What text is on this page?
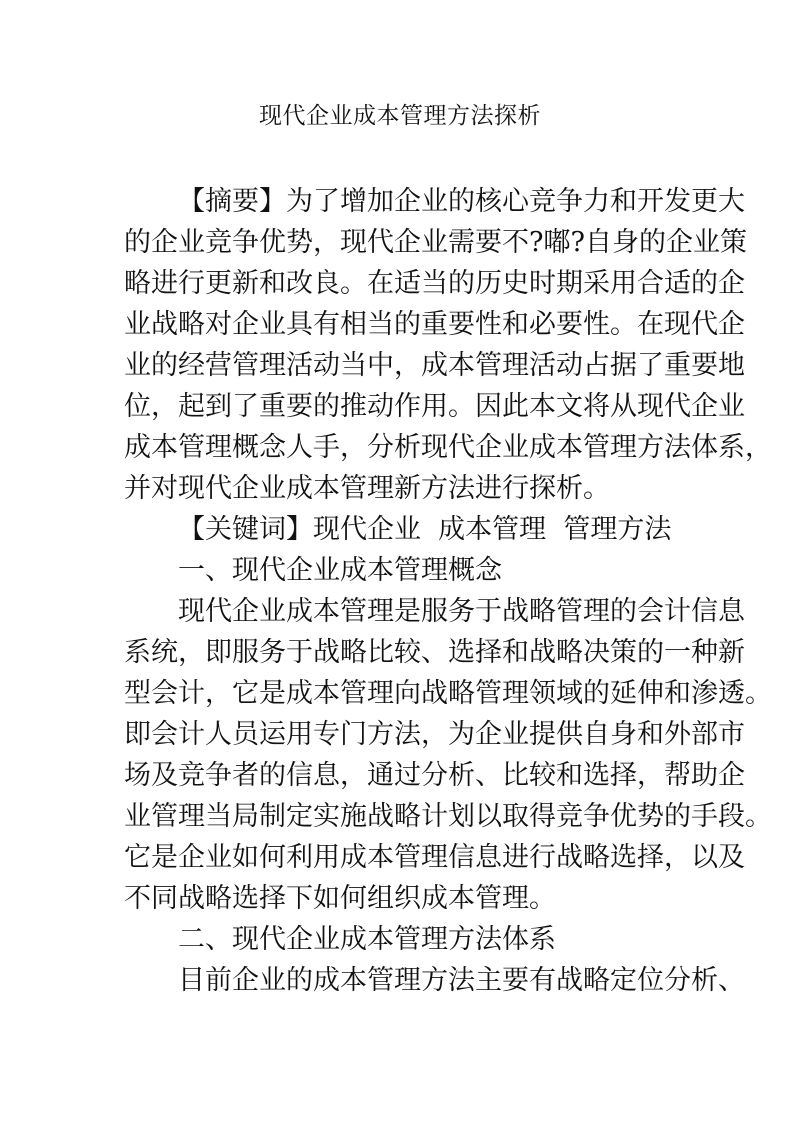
现代企业成本管理方法探析
【摘要】为了增加企业的核心竞争力和开发更大
的企业竞争优势，现代企业需要不?嘟?自身的企业策
略进行更新和改良。在适当的历史时期采用合适的企
业战略对企业具有相当的重要性和必要性。在现代企
业的经营管理活动当中，成本管理活动占据了重要地
位，起到了重要的推动作用。因此本文将从现代企业
成本管理概念人手，分析现代企业成本管理方法体系，
并对现代企业成本管理新方法进行探析。
【关键词】现代企业  成本管理  管理方法
一、现代企业成本管理概念
现代企业成本管理是服务于战略管理的会计信息
系统，即服务于战略比较、选择和战略决策的一种新
型会计，它是成本管理向战略管理领域的延伸和渗透。
即会计人员运用专门方法，为企业提供自身和外部市
场及竞争者的信息，通过分析、比较和选择，帮助企
业管理当局制定实施战略计划以取得竞争优势的手段。
它是企业如何利用成本管理信息进行战略选择，以及
不同战略选择下如何组织成本管理。
二、现代企业成本管理方法体系
目前企业的成本管理方法主要有战略定位分析、
